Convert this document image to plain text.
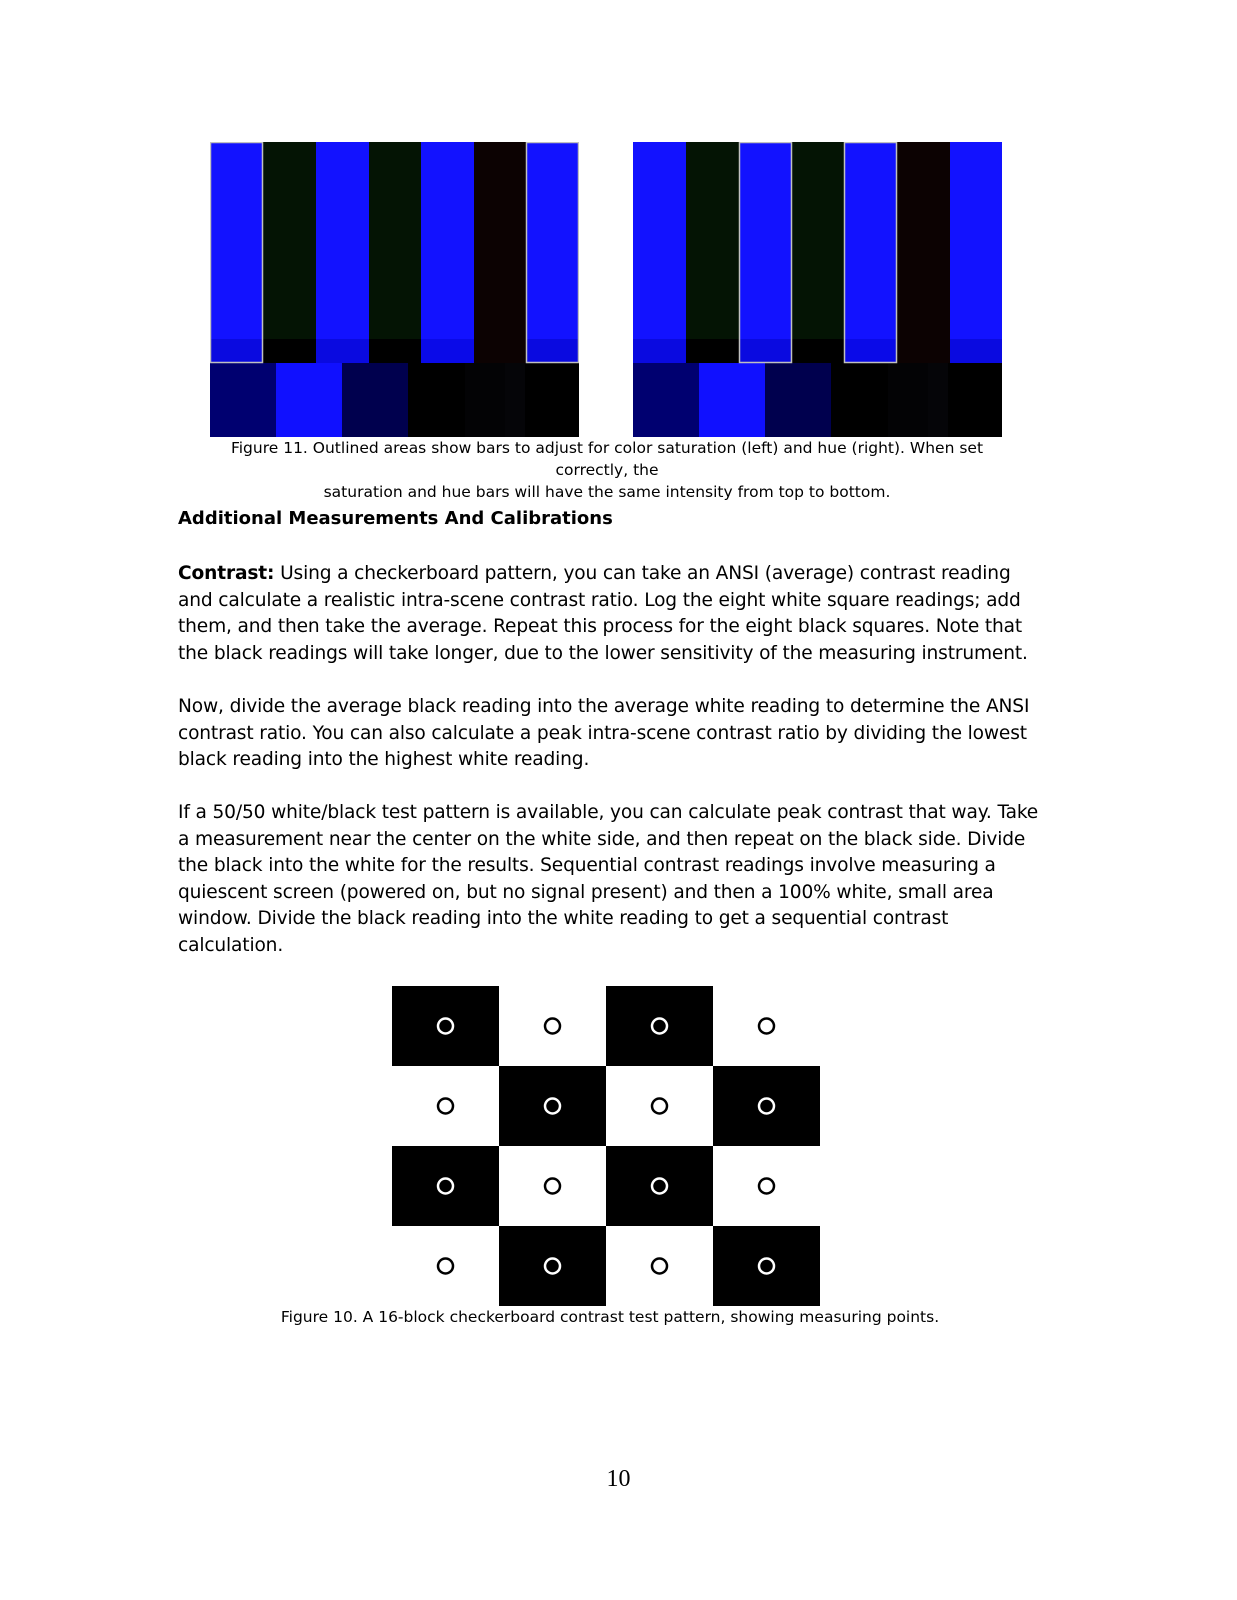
Figure 11. Outlined areas show bars to adjust for color saturation (left) and hue (right). When set correctly, the
saturation and hue bars will have the same intensity from top to bottom.
Additional Measurements And Calibrations
Contrast: Using a checkerboard pattern, you can take an ANSI (average) contrast reading and calculate a realistic intra-scene contrast ratio. Log the eight white square readings; add them, and then take the average. Repeat this process for the eight black squares. Note that the black readings will take longer, due to the lower sensitivity of the measuring instrument.
Now, divide the average black reading into the average white reading to determine the ANSI contrast ratio. You can also calculate a peak intra-scene contrast ratio by dividing the lowest black reading into the highest white reading.
If a 50/50 white/black test pattern is available, you can calculate peak contrast that way. Take a measurement near the center on the white side, and then repeat on the black side. Divide the black into the white for the results. Sequential contrast readings involve measuring a quiescent screen (powered on, but no signal present) and then a 100% white, small area window. Divide the black reading into the white reading to get a sequential contrast calculation.
Figure 10. A 16-block checkerboard contrast test pattern, showing measuring points.
10
